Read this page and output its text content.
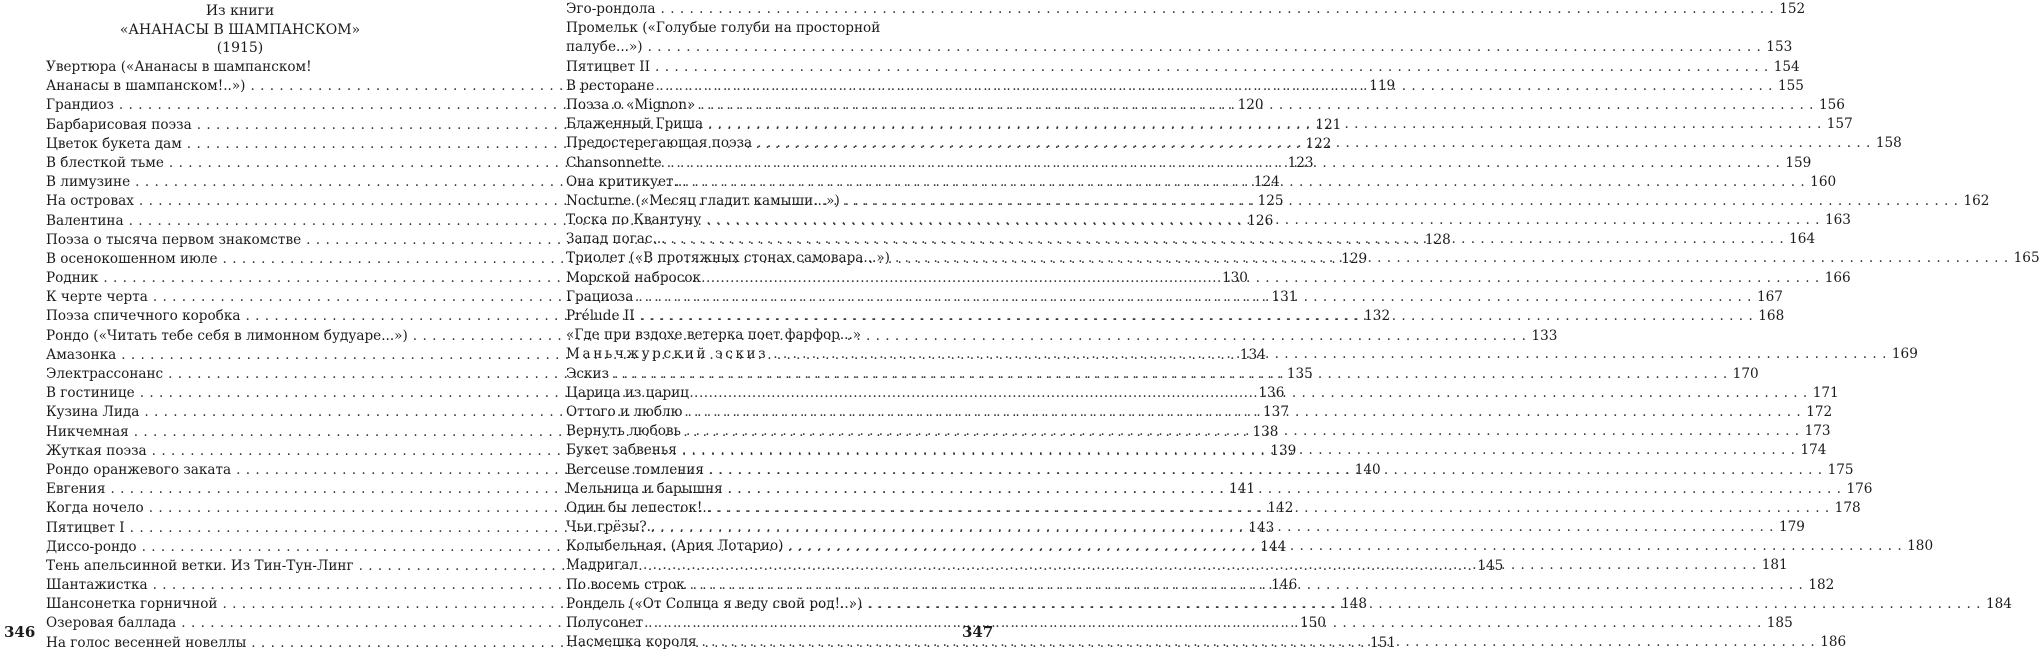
Из книги
«АНАНАСЫ В ШАМПАНСКОМ»
(1915)
Увертюра («Ананасы в шампанском!
Ананасы в шампанском!..») . . .	119
Грандиоз . . .	120
Барбарисовая поэза . . .	121
Цветок букета дам . . .	122
В блесткой тьме . . .	123
В лимузине . . .	124
На островах . . .	125
Валентина . . .	126
Поэза о тысяча первом знакомстве . . .	128
В осенокошенном июле . . .	129
Родник . . .	130
К черте черта . . .	131
Поэза спичечного коробка . . .	132
Рондо («Читать тебе себя в лимонном будуаре...») . . .	133
Амазонка . . .	134
Электрассонанс . . .	135
В гостинице . . .	136
Кузина Лида . . .	137
Никчемная . . .	138
Жуткая поэза . . .	139
Рондо оранжевого заката . . .	140
Евгения . . .	141
Когда ночело . . .	142
Пятицвет I . . .	143
Диссо-рондо . . .	144
Тень апельсинной ветки. Из Тин-Тун-Линг . . .	145
Шантажистка . . .	146
Шансонетка горничной . . .	148
Озеровая баллада . . .	150
На голос весенней новеллы . . .	151
Эго-рондола . . .	152
Промельк («Голубые голуби на просторной
палубе...») . . .	153
Пятицвет II . . .	154
В ресторане . . .	155
Поэза о «Mignon» . . .	156
Блаженный Гриша . . .	157
Предостерегающая поэза . . .	158
Chansonnette . . .	159
Она критикует... . . .	160
Nocturne («Месяц гладит камыши...») . . .	162
Тоска по Квантуну . . .	163
Запад погас... . . .	164
Триолет («В протяжных стонах самовара...») . . .	165
Морской набросок . . .	166
Грациоза . . .	167
Prélude II . . .	168
«Где при вздохе ветерка поет фарфор...»
Маньчжурский эскиз . . .	169
Эскиз . . .	170
Царица из цариц . . .	171
Оттого и люблю . . .	172
Вернуть любовь . . .	173
Букет забвенья . . .	174
Berceuse томления . . .	175
Мельница и барышня . . .	176
Один бы лепесток!.. . . .	178
Чьи грёзы?.. . . .	179
Колыбельная. (Ария Лотарио) . . .	180
Мадригал . . .	181
По восемь строк . . .	182
Рондель («От Солнца я веду свой род!..») . . .	184
Полусонет . . .	185
Насмешка короля . . .	186
346	347
